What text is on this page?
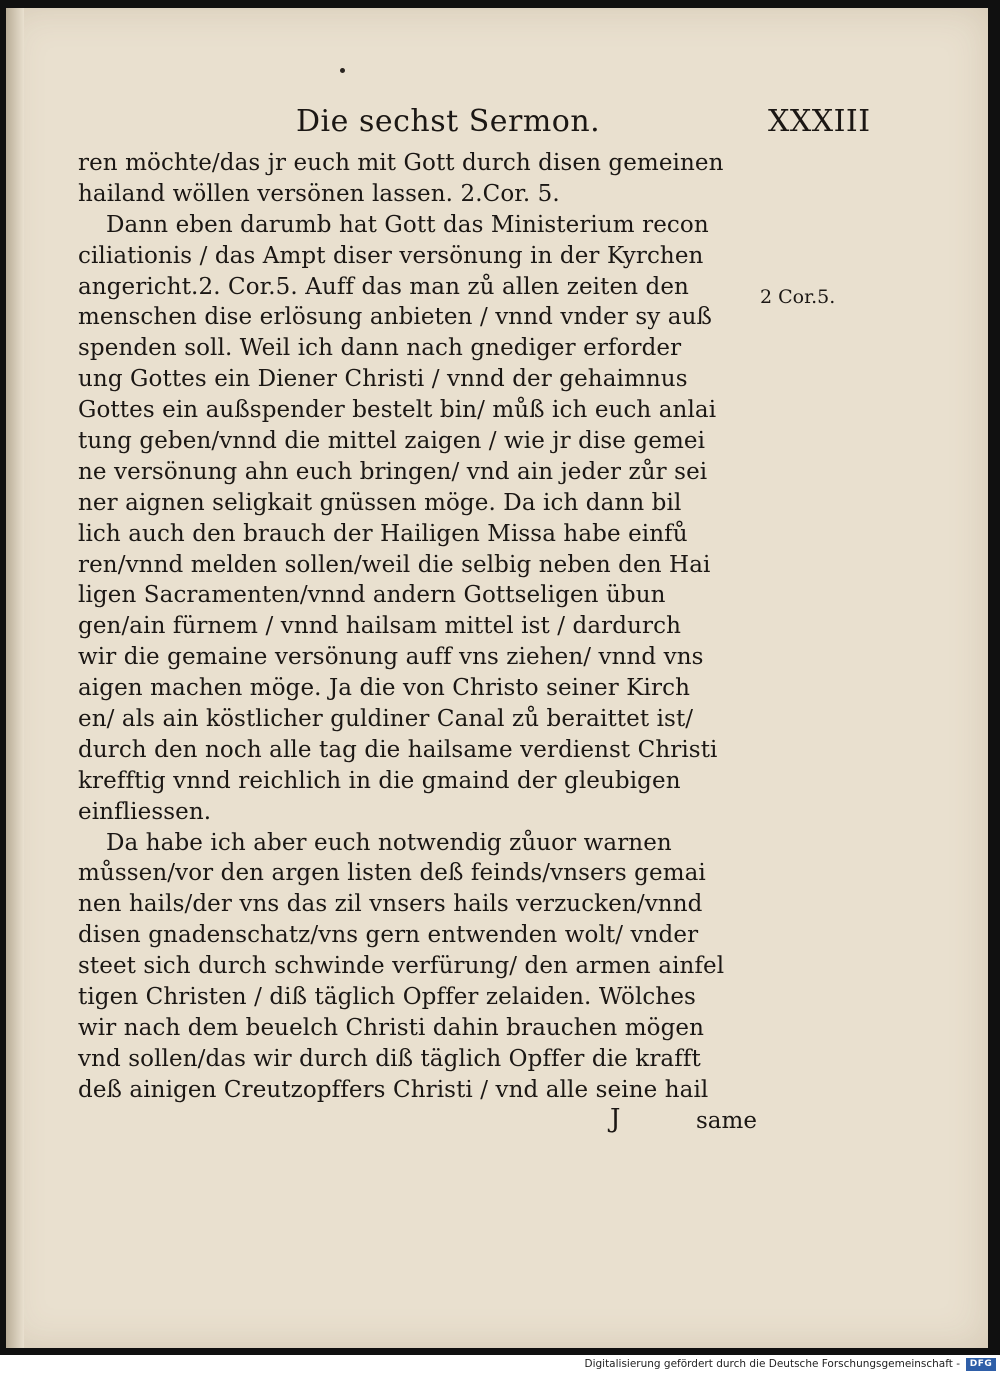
Die sechst Sermon.	XXXIII
ren möchte/das jr euch mit Gott durch disen gemeinen
hailand wöllen versönen lassen. 2.Cor. 5.
Dann eben darumb hat Gott das Ministerium recon
ciliationis / das Ampt diser versönung in der Kyrchen
angericht.2. Cor.5. Auff das man zů allen zeiten den
menschen dise erlösung anbieten / vnnd vnder sy auß
spenden soll. Weil ich dann nach gnediger erforder
ung Gottes ein Diener Christi / vnnd der gehaimnus
Gottes ein außspender bestelt bin/ můß ich euch anlai
tung geben/vnnd die mittel zaigen / wie jr dise gemei
ne versönung ahn euch bringen/ vnd ain jeder zůr sei
ner aignen seligkait gnüssen möge. Da ich dann bil
lich auch den brauch der Hailigen Missa habe einfů
ren/vnnd melden sollen/weil die selbig neben den Hai
ligen Sacramenten/vnnd andern Gottseligen übun
gen/ain fürnem / vnnd hailsam mittel ist / dardurch
wir die gemaine versönung auff vns ziehen/ vnnd vns
aigen machen möge. Ja die von Christo seiner Kirch
en/ als ain köstlicher guldiner Canal zů beraittet ist/
durch den noch alle tag die hailsame verdienst Christi
krefftig vnnd reichlich in die gmaind der gleubigen
einfliessen.
Da habe ich aber euch notwendig zůuor warnen
můssen/vor den argen listen deß feinds/vnsers gemai
nen hails/der vns das zil vnsers hails verzucken/vnnd
disen gnadenschatz/vns gern entwenden wolt/ vnder
steet sich durch schwinde verfürung/ den armen ainfel
tigen Christen / diß täglich Opffer zelaiden. Wölches
wir nach dem beuelch Christi dahin brauchen mögen
vnd sollen/das wir durch diß täglich Opffer die krafft
deß ainigen Creutzopffers Christi / vnd alle seine hail
2 Cor.5.
J	same
Digitalisierung gefördert durch die Deutsche Forschungsgemeinschaft -	DFG
